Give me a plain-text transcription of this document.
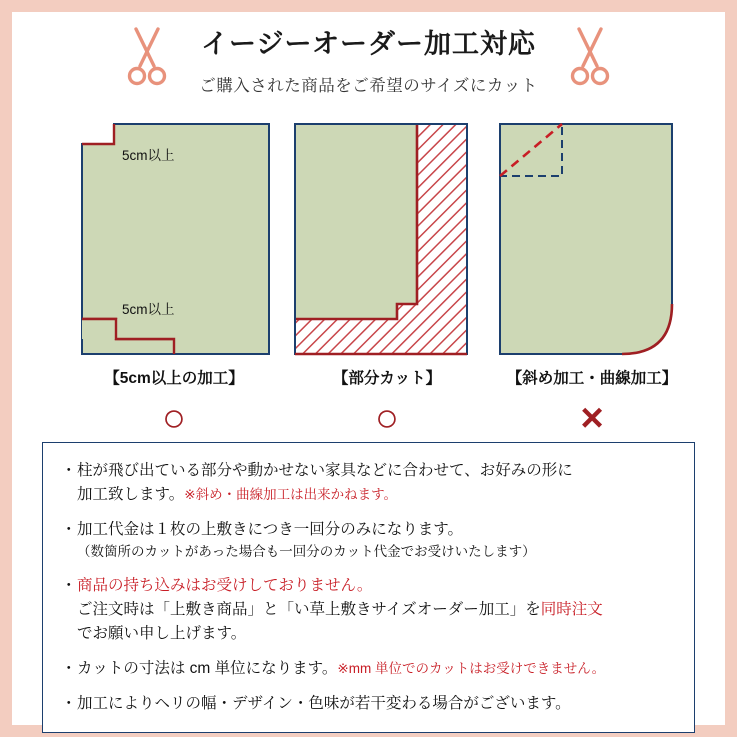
イージーオーダー加工対応
ご購入された商品をご希望のサイズにカット
5cm以上
5cm以上
【5cm以上の加工】	【部分カット】	【斜め加工・曲線加工】
○	○	×
・ 柱が飛び出ている部分や動かせない家具などに合わせて、お好みの形に
加工致します。※斜め・曲線加工は出来かねます。
・ 加工代金は１枚の上敷きにつき一回分のみになります。
（数箇所のカットがあった場合も一回分のカット代金でお受けいたします）
・ 商品の持ち込みはお受けしておりません。
ご注文時は「上敷き商品」と「い草上敷きサイズオーダー加工」を同時注文
でお願い申し上げます。
・ カットの寸法は cm 単位になります。※mm 単位でのカットはお受けできません。
・ 加工によりヘリの幅・デザイン・色味が若干変わる場合がございます。
